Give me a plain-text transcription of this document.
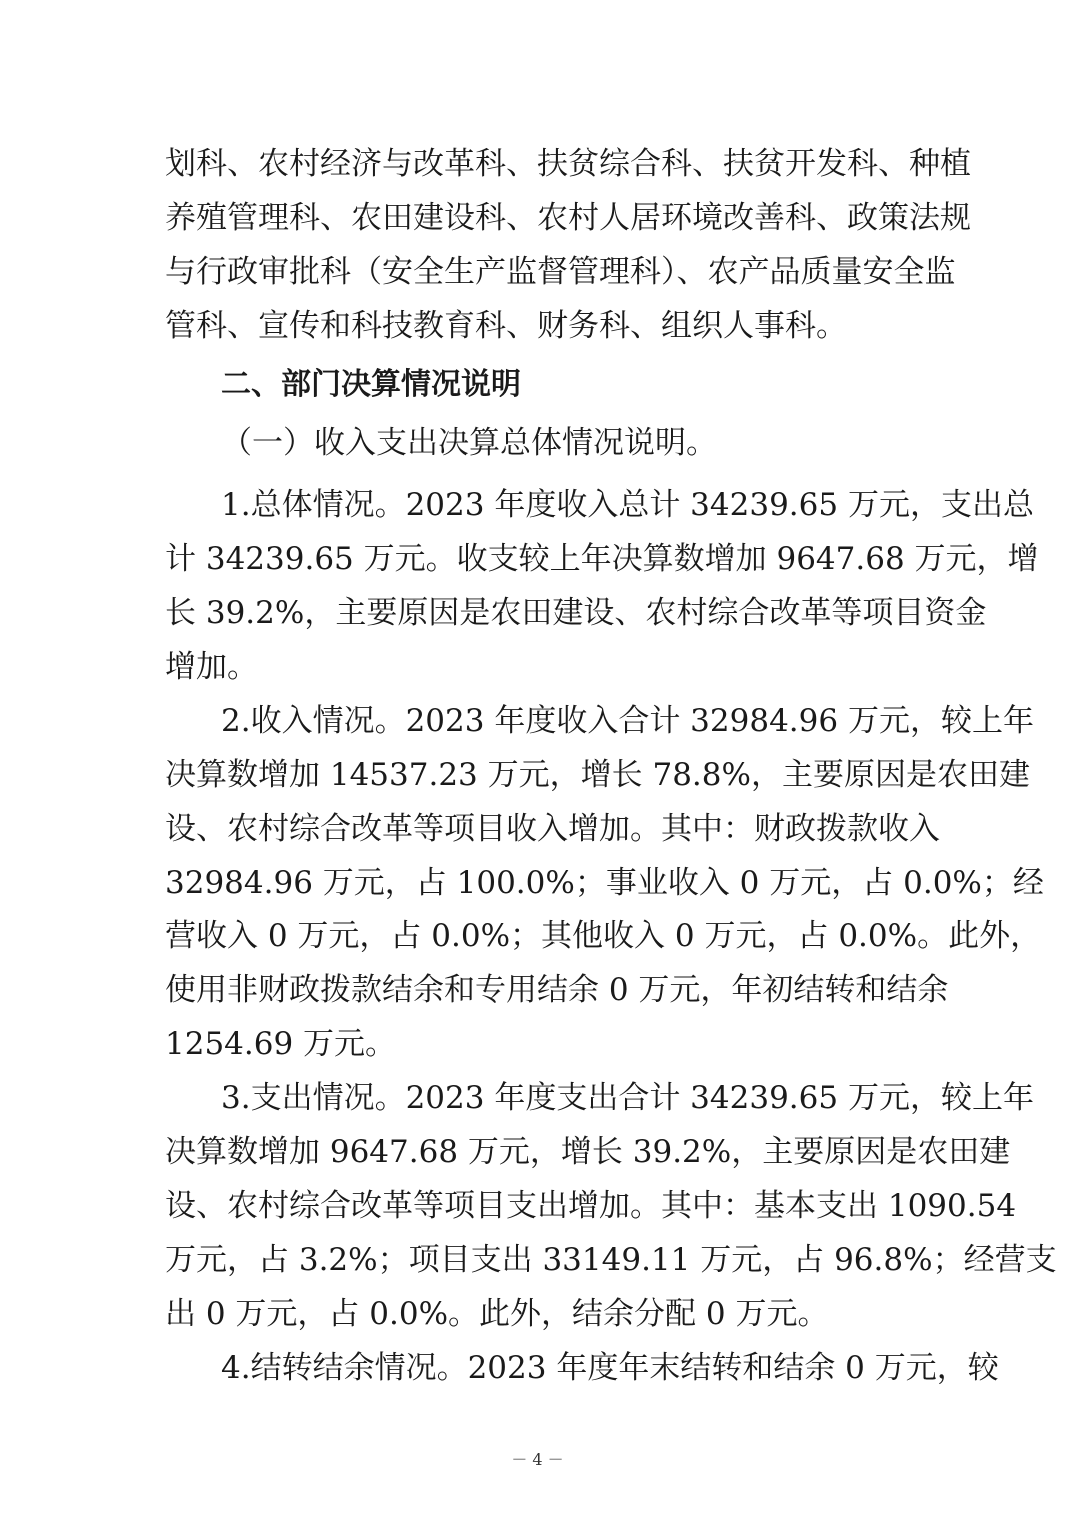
划科、农村经济与改革科、扶贫综合科、扶贫开发科、种植
养殖管理科、农田建设科、农村人居环境改善科、政策法规
与行政审批科（安全生产监督管理科）、农产品质量安全监
管科、宣传和科技教育科、财务科、组织人事科。
二、部门决算情况说明
（一）收入支出决算总体情况说明。
1.总体情况。2023 年度收入总计 34239.65 万元，支出总
计 34239.65 万元。收支较上年决算数增加 9647.68 万元，增
长 39.2%，主要原因是农田建设、农村综合改革等项目资金
增加。
2.收入情况。2023 年度收入合计 32984.96 万元，较上年
决算数增加 14537.23 万元，增长 78.8%，主要原因是农田建
设、农村综合改革等项目收入增加。其中：财政拨款收入
32984.96 万元，占 100.0%；事业收入 0 万元，占 0.0%；经
营收入 0 万元，占 0.0%；其他收入 0 万元，占 0.0%。此外，
使用非财政拨款结余和专用结余 0 万元，年初结转和结余
1254.69 万元。
3.支出情况。2023 年度支出合计 34239.65 万元，较上年
决算数增加 9647.68 万元，增长 39.2%，主要原因是农田建
设、农村综合改革等项目支出增加。其中：基本支出 1090.54
万元，占 3.2%；项目支出 33149.11 万元，占 96.8%；经营支
出 0 万元，占 0.0%。此外，结余分配 0 万元。
4.结转结余情况。2023 年度年末结转和结余 0 万元，较
－ 4 －
